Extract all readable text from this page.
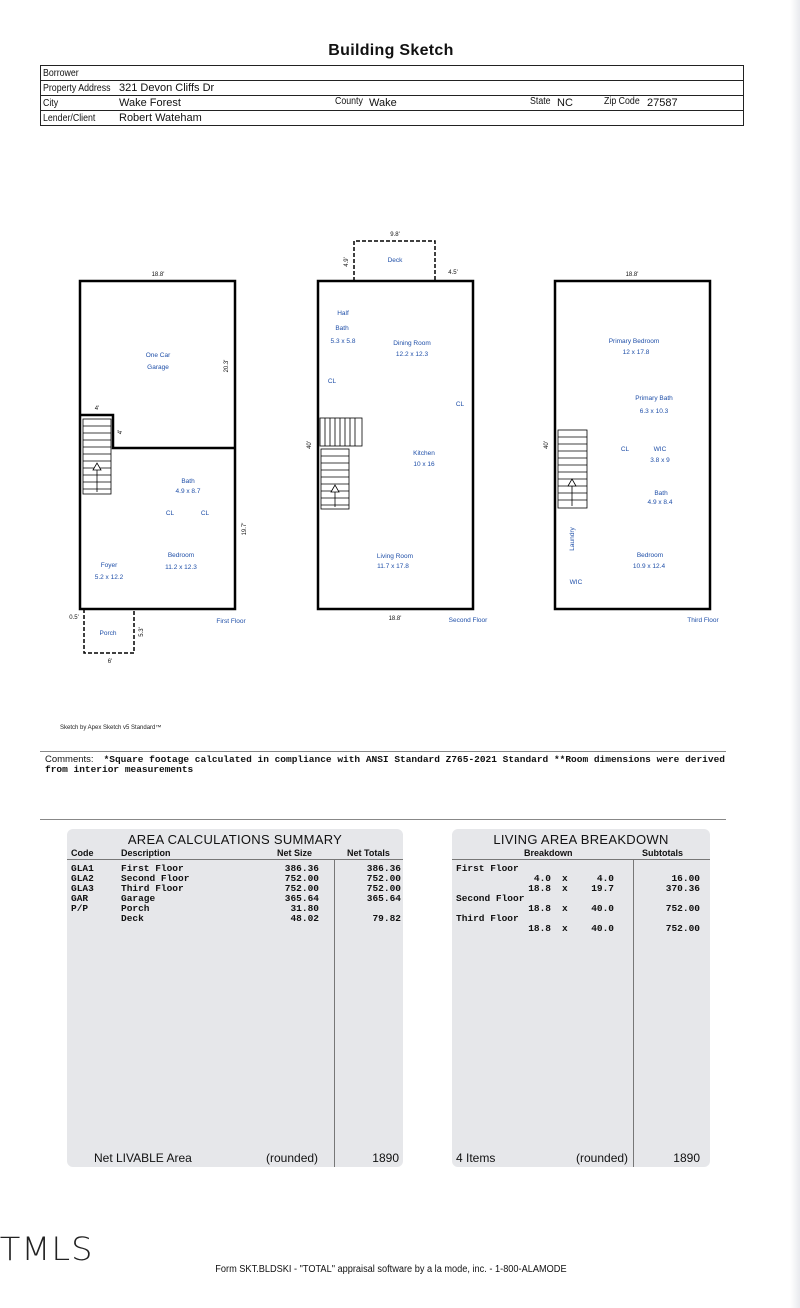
Building Sketch
Borrower

Property Address 321 Devon Cliffs Dr

City	Wake Forest	County Wake	State NC	Zip Code 27587

Lender/Client Robert Wateham
18.8'
20.3'
19.7'
4'
4'
0.5'
5.3'
6'
9.8'
4.9'
4.5'
40'
18.8'
18.8'
40'
One Car
Garage
Bath
4.9 x 8.7
CL	CL
Bedroom
11.2 x 12.3
Foyer
5.2 x 12.2
Porch
Deck
Half
Bath
5.3 x 5.8	Dining Room
12.2 x 12.3
CL
CL
Kitchen
10 x 16
Living Room
11.7 x 17.8
Primary Bedroom
12 x 17.8
Primary Bath
6.3 x 10.3
CL	WIC
3.8 x 9
Bath
4.9 x 8.4
Laundry
Bedroom
10.9 x 12.4
WIC
First Floor	Second Floor	Third Floor
Sketch by Apex Sketch v5 Standard™
Comments: *Square footage calculated in compliance with ANSI Standard Z765-2021 Standard **Room dimensions were derived from interior measurements
AREA CALCULATIONS SUMMARY
Code	Description	Net Size	Net Totals
GLA1	First Floor	386.36	386.36
GLA2	Second Floor	752.00	752.00
GLA3	Third Floor	752.00	752.00
GAR	Garage	365.64	365.64
P/P	Porch	31.80
Deck	48.02	79.82
Net LIVABLE Area	(rounded)	1890
LIVING AREA BREAKDOWN
Breakdown	Subtotals
First Floor
4.0 x	4.0	16.00
18.8 x 19.7	370.36
Second Floor
18.8 x 40.0	752.00
Third Floor
18.8 x 40.0	752.00
4 Items	(rounded)	1890
TMLS
Form SKT.BLDSKI - "TOTAL" appraisal software by a la mode, inc. - 1-800-ALAMODE
